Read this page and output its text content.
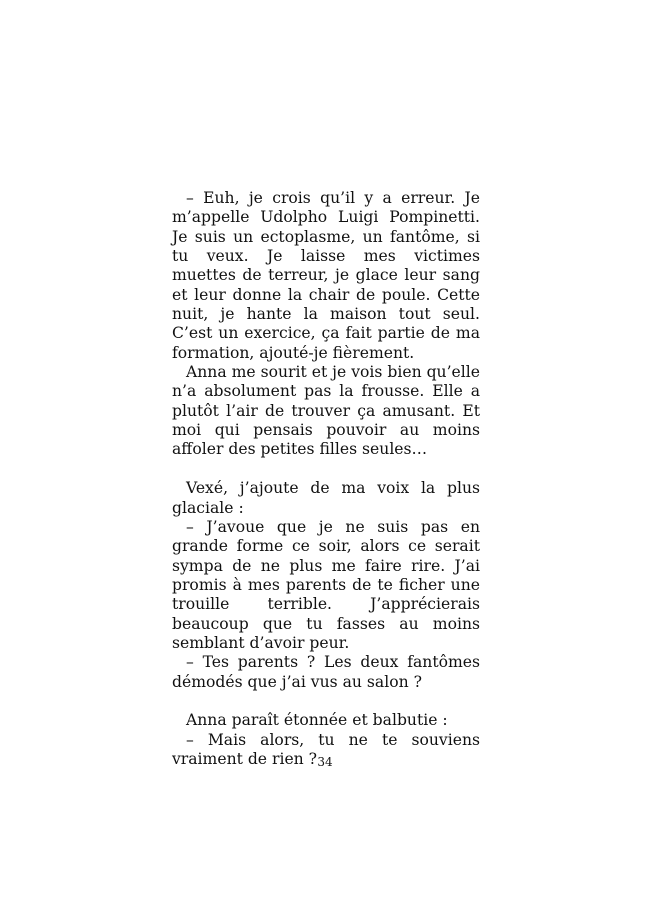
– Euh, je crois qu’il y a erreur. Je m’appelle Udolpho Luigi Pompinetti. Je suis un ectoplasme, un fantôme, si tu veux. Je laisse mes victimes muettes de terreur, je glace leur sang et leur donne la chair de poule. Cette nuit, je hante la maison tout seul. C’est un exercice, ça fait partie de ma formation, ajouté-je fièrement.

Anna me sourit et je vois bien qu’elle n’a absolument pas la frousse. Elle a plutôt l’air de trouver ça amusant. Et moi qui pensais pouvoir au moins affoler des petites filles seules…

Vexé, j’ajoute de ma voix la plus glaciale :

– J’avoue que je ne suis pas en grande forme ce soir, alors ce serait sympa de ne plus me faire rire. J’ai promis à mes parents de te ficher une trouille terrible. J’apprécierais beaucoup que tu fasses au moins semblant d’avoir peur.

– Tes parents ? Les deux fantômes démodés que j’ai vus au salon ?

Anna paraît étonnée et balbutie :

– Mais alors, tu ne te souviens vraiment de rien ? 34
